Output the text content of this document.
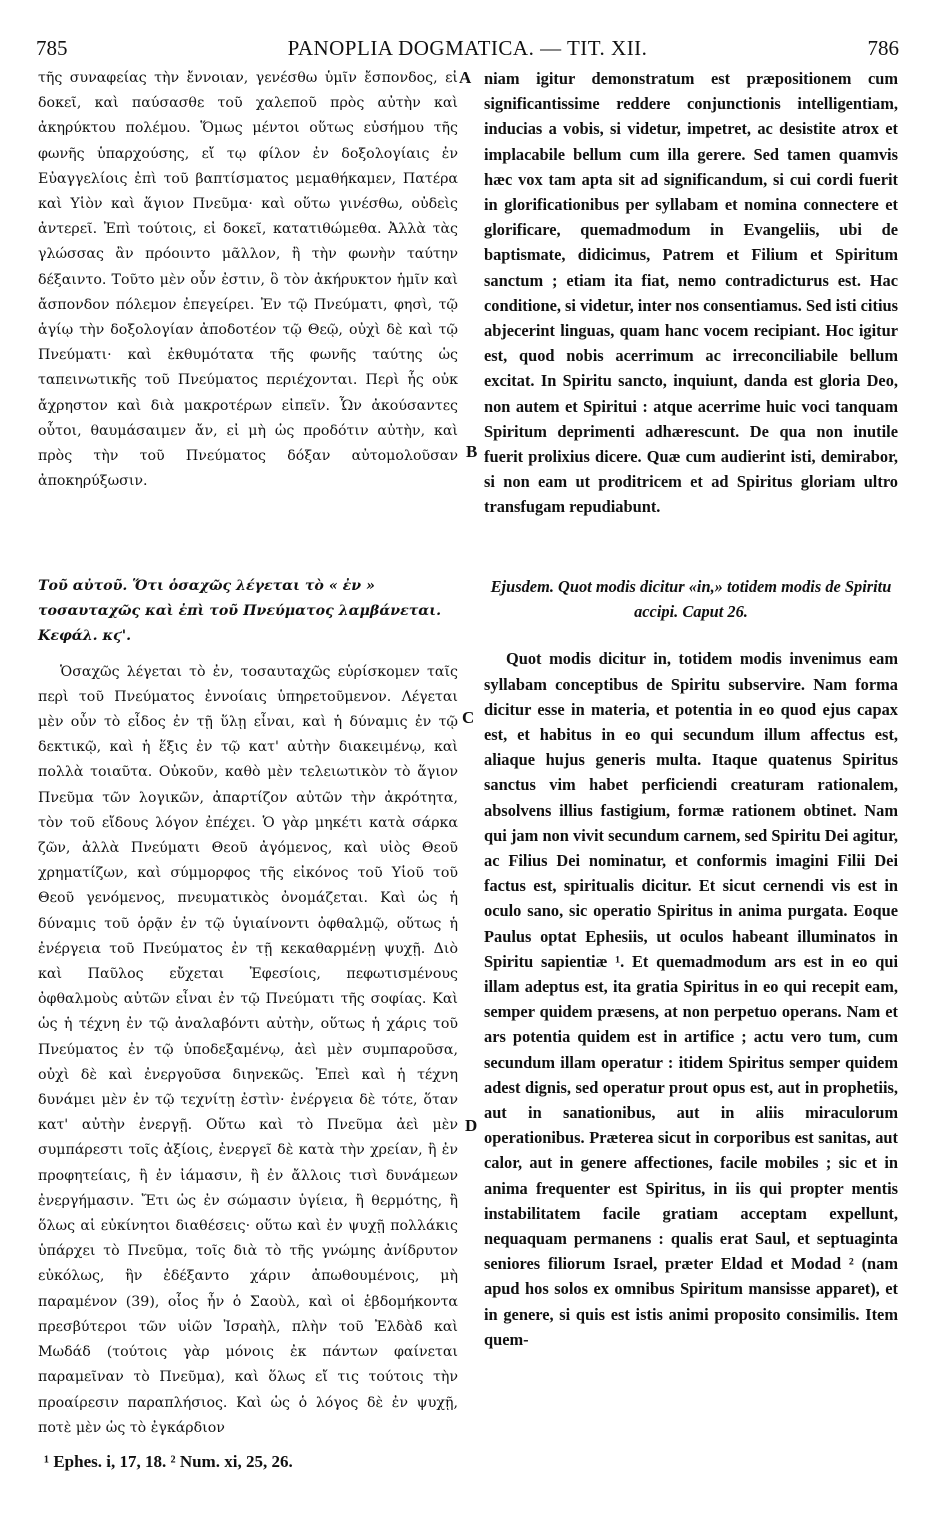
785	PANOPLIA DOGMATICA. — TIT. XII.	786

τῆς συναφείας τὴν ἔννοιαν, γενέσθω ὑμῖν ἔσπονδος, εἰ δοκεῖ, καὶ παύσασθε τοῦ χαλεποῦ πρὸς αὐτὴν καὶ ἀκηρύκτου πολέμου. Ὅμως μέντοι οὕτως εὐσήμου τῆς φωνῆς ὑπαρχούσης, εἴ τῳ φίλον ἐν δοξολογίαις ἐν Εὐαγγελίοις ἐπὶ τοῦ βαπτίσματος μεμαθήκαμεν, Πατέρα καὶ Υἱὸν καὶ ἅγιον Πνεῦμα· καὶ οὕτω γινέσθω, οὐδεὶς ἀντερεῖ. Ἐπὶ τούτοις, εἰ δοκεῖ, κατατιθώμεθα. Ἀλλὰ τὰς γλώσσας ἂν πρόοιντο μᾶλλον, ἢ τὴν φωνὴν ταύτην δέξαιντο. Τοῦτο μὲν οὖν ἐστιν, ὃ τὸν ἀκήρυκτον ἡμῖν καὶ ἄσπονδον πόλεμον ἐπεγείρει. Ἐν τῷ Πνεύματι, φησὶ, τῷ ἁγίῳ τὴν δοξολογίαν ἀποδοτέον τῷ Θεῷ, οὐχὶ δὲ καὶ τῷ Πνεύματι· καὶ ἐκθυμότατα τῆς φωνῆς ταύτης ὡς ταπεινωτικῆς τοῦ Πνεύματος περιέχονται. Περὶ ἧς οὐκ ἄχρηστον καὶ διὰ μακροτέρων εἰπεῖν. Ὧν ἀκούσαντες οὗτοι, θαυμάσαιμεν ἄν, εἰ μὴ ὡς προδότιν αὐτὴν, καὶ πρὸς τὴν τοῦ Πνεύματος δόξαν αὐτομολοῦσαν ἀποκηρύξωσιν.

Τοῦ αὐτοῦ. Ὅτι ὁσαχῶς λέγεται τὸ « ἐν » τοσαυταχῶς καὶ ἐπὶ τοῦ Πνεύματος λαμβάνεται. Κεφάλ. κϛ'.

Ὁσαχῶς λέγεται τὸ ἐν, τοσαυταχῶς εὑρίσκομεν ταῖς περὶ τοῦ Πνεύματος ἐννοίαις ὑπηρετοῦμενον. Λέγεται μὲν οὖν τὸ εἶδος ἐν τῇ ὕλῃ εἶναι, καὶ ἡ δύναμις ἐν τῷ δεκτικῷ, καὶ ἡ ἕξις ἐν τῷ κατ' αὐτὴν διακειμένῳ, καὶ πολλὰ τοιαῦτα. Οὐκοῦν, καθὸ μὲν τελειωτικὸν τὸ ἅγιον Πνεῦμα τῶν λογικῶν, ἀπαρτίζον αὐτῶν τὴν ἀκρότητα, τὸν τοῦ εἴδους λόγον ἐπέχει. Ὁ γὰρ μηκέτι κατὰ σάρκα ζῶν, ἀλλὰ Πνεύματι Θεοῦ ἀγόμενος, καὶ υἱὸς Θεοῦ χρηματίζων, καὶ σύμμορφος τῆς εἰκόνος τοῦ Υἱοῦ τοῦ Θεοῦ γενόμενος, πνευματικὸς ὀνομάζεται. Καὶ ὡς ἡ δύναμις τοῦ ὁρᾷν ἐν τῷ ὑγιαίνοντι ὀφθαλμῷ, οὕτως ἡ ἐνέργεια τοῦ Πνεύματος ἐν τῇ κεκαθαρμένῃ ψυχῇ. Διὸ καὶ Παῦλος εὔχεται Ἐφεσίοις, πεφωτισμένους ὀφθαλμοὺς αὐτῶν εἶναι ἐν τῷ Πνεύματι τῆς σοφίας. Καὶ ὡς ἡ τέχνη ἐν τῷ ἀναλαβόντι αὐτὴν, οὕτως ἡ χάρις τοῦ Πνεύματος ἐν τῷ ὑποδεξαμένῳ, ἀεὶ μὲν συμπαροῦσα, οὐχὶ δὲ καὶ ἐνεργοῦσα διηνεκῶς. Ἐπεὶ καὶ ἡ τέχνη δυνάμει μὲν ἐν τῷ τεχνίτῃ ἐστὶν· ἐνέργεια δὲ τότε, ὅταν κατ' αὐτὴν ἐνεργῇ. Οὕτω καὶ τὸ Πνεῦμα ἀεὶ μὲν συμπάρεστι τοῖς ἀξίοις, ἐνεργεῖ δὲ κατὰ τὴν χρείαν, ἢ ἐν προφητείαις, ἢ ἐν ἰάμασιν, ἢ ἐν ἄλλοις τισὶ δυνάμεων ἐνεργήμασιν. Ἔτι ὡς ἐν σώμασιν ὑγίεια, ἢ θερμότης, ἢ ὅλως αἱ εὐκίνητοι διαθέσεις· οὕτω καὶ ἐν ψυχῇ πολλάκις ὑπάρχει τὸ Πνεῦμα, τοῖς διὰ τὸ τῆς γνώμης ἀνίδρυτον εὐκόλως, ἣν ἐδέξαντο χάριν ἀπωθουμένοις, μὴ παραμένον (39), οἷος ἦν ὁ Σαοὺλ, καὶ οἱ ἑβδομήκοντα πρεσβύτεροι τῶν υἱῶν Ἰσραὴλ, πλὴν τοῦ Ἐλδὰδ καὶ Μωδάδ (τούτοις γὰρ μόνοις ἐκ πάντων φαίνεται παραμεῖναν τὸ Πνεῦμα), καὶ ὅλως εἴ τις τούτοις τὴν προαίρεσιν παραπλήσιος. Καὶ ὡς ὁ λόγος δὲ ἐν ψυχῇ, ποτὲ μὲν ὡς τὸ ἐγκάρδιον

niam igitur demonstratum est præpositionem cum significantissime reddere conjunctionis intelligentiam, inducias a vobis, si videtur, impetret, ac desistite atrox et implacabile bellum cum illa gerere. Sed tamen quamvis hæc vox tam apta sit ad significandum, si cui cordi fuerit in glorificationibus per syllabam et nomina connectere et glorificare, quemadmodum in Evangeliis, ubi de baptismate, didicimus, Patrem et Filium et Spiritum sanctum ; etiam ita fiat, nemo contradicturus est. Hac conditione, si videtur, inter nos consentiamus. Sed isti citius abjecerint linguas, quam hanc vocem recipiant. Hoc igitur est, quod nobis acerrimum ac irreconciliabile bellum excitat. In Spiritu sancto, inquiunt, danda est gloria Deo, non autem et Spiritui : atque acerrime huic voci tanquam Spiritum deprimenti adhærescunt. De qua non inutile fuerit prolixius dicere. Quæ cum audierint isti, demirabor, si non eam ut proditricem et ad Spiritus gloriam ultro transfugam repudiabunt.

Ejusdem. Quot modis dicitur «in,» totidem modis de Spiritu accipi. Caput 26.

Quot modis dicitur in, totidem modis invenimus eam syllabam conceptibus de Spiritu subservire. Nam forma dicitur esse in materia, et potentia in eo quod ejus capax est, et habitus in eo qui secundum illum affectus est, aliaque hujus generis multa. Itaque quatenus Spiritus sanctus vim habet perficiendi creaturam rationalem, absolvens illius fastigium, formæ rationem obtinet. Nam qui jam non vivit secundum carnem, sed Spiritu Dei agitur, ac Filius Dei nominatur, et conformis imagini Filii Dei factus est, spiritualis dicitur. Et sicut cernendi vis est in oculo sano, sic operatio Spiritus in anima purgata. Eoque Paulus optat Ephesiis, ut oculos habeant illuminatos in Spiritu sapientiæ ¹. Et quemadmodum ars est in eo qui illam adeptus est, ita gratia Spiritus in eo qui recepit eam, semper quidem præsens, at non perpetuo operans. Nam et ars potentia quidem est in artifice ; actu vero tum, cum secundum illam operatur : itidem Spiritus semper quidem adest dignis, sed operatur prout opus est, aut in prophetiis, aut in sanationibus, aut in aliis miraculorum operationibus. Præterea sicut in corporibus est sanitas, aut calor, aut in genere affectiones, facile mobiles ; sic et in anima frequenter est Spiritus, in iis qui propter mentis instabilitatem facile gratiam acceptam expellunt, nequaquam permanens : qualis erat Saul, et septuaginta seniores filiorum Israel, præter Eldad et Modad ² (nam apud hos solos ex omnibus Spiritum mansisse apparet), et in genere, si quis est istis animi proposito consimilis. Item quem-

A
B
C
D
¹ Ephes. i, 17, 18. ² Num. xi, 25, 26.
